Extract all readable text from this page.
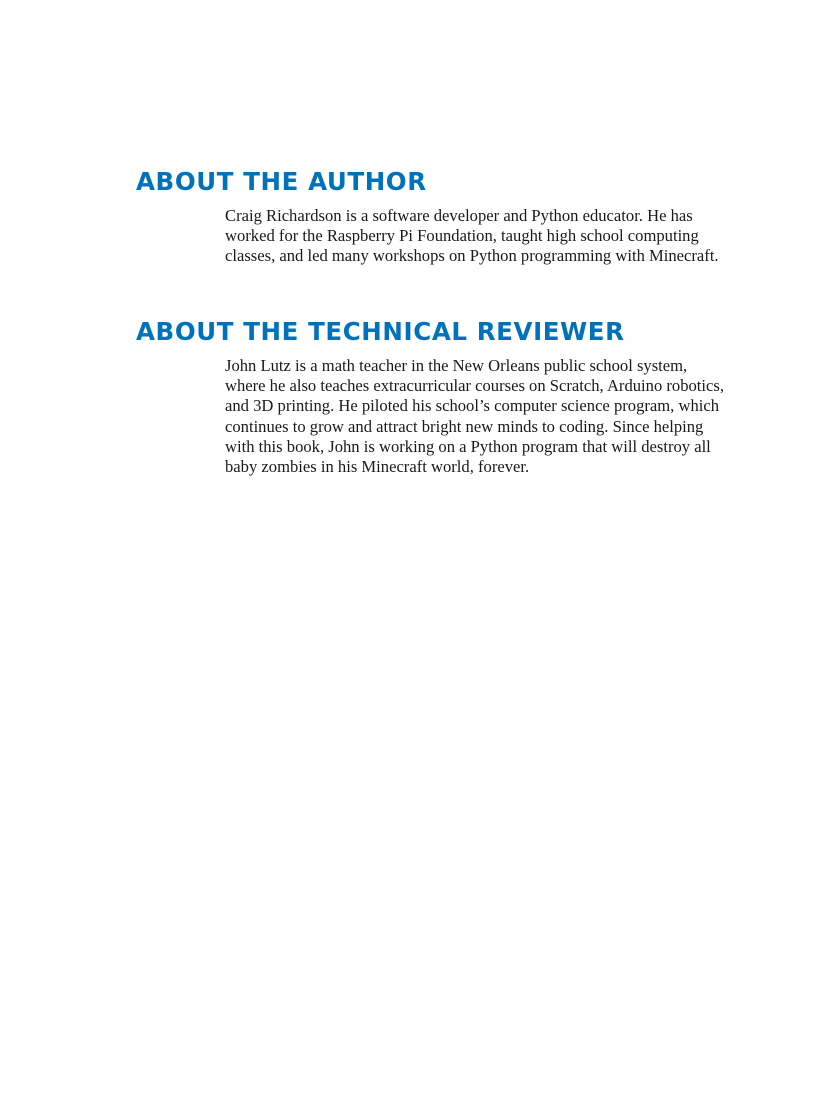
ABOUT THE AUTHOR

Craig Richardson is a software developer and Python educator. He has worked for the Raspberry Pi Foundation, taught high school computing classes, and led many workshops on Python programming with Minecraft.

ABOUT THE TECHNICAL REVIEWER

John Lutz is a math teacher in the New Orleans public school system, where he also teaches extracurricular courses on Scratch, Arduino robotics, and 3D printing. He piloted his school’s computer science program, which continues to grow and attract bright new minds to coding. Since helping with this book, John is working on a Python program that will destroy all baby zombies in his Minecraft world, forever.
